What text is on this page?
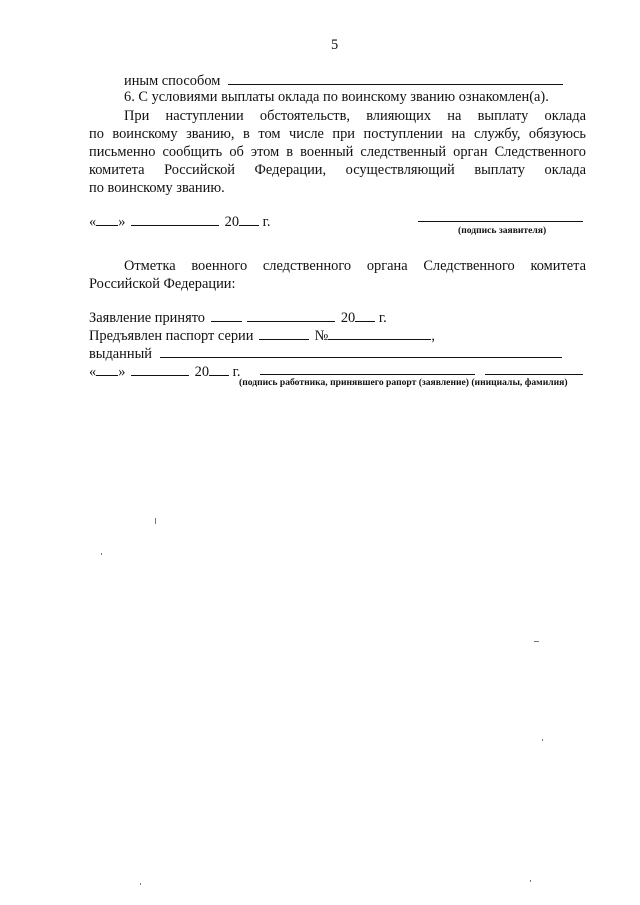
5
иным способом
6. С условиями выплаты оклада по воинскому званию ознакомлен(а).
При наступлении обстоятельств, влияющих на выплату оклада
по воинскому званию, в том числе при поступлении на службу, обязуюсь
письменно сообщить об этом в военный следственный орган Следственного
комитета Российской Федерации, осуществляющий выплату оклада
по воинскому званию.
« »	20 г.
(подпись заявителя)
Отметка военного следственного органа Следственного комитета
Российской Федерации:
Заявление принято	20 г.
Предъявлен паспорт серии	№	,
выданный
« »	20 г.
(подпись работника, принявшего рапорт (заявление) (инициалы, фамилия)
